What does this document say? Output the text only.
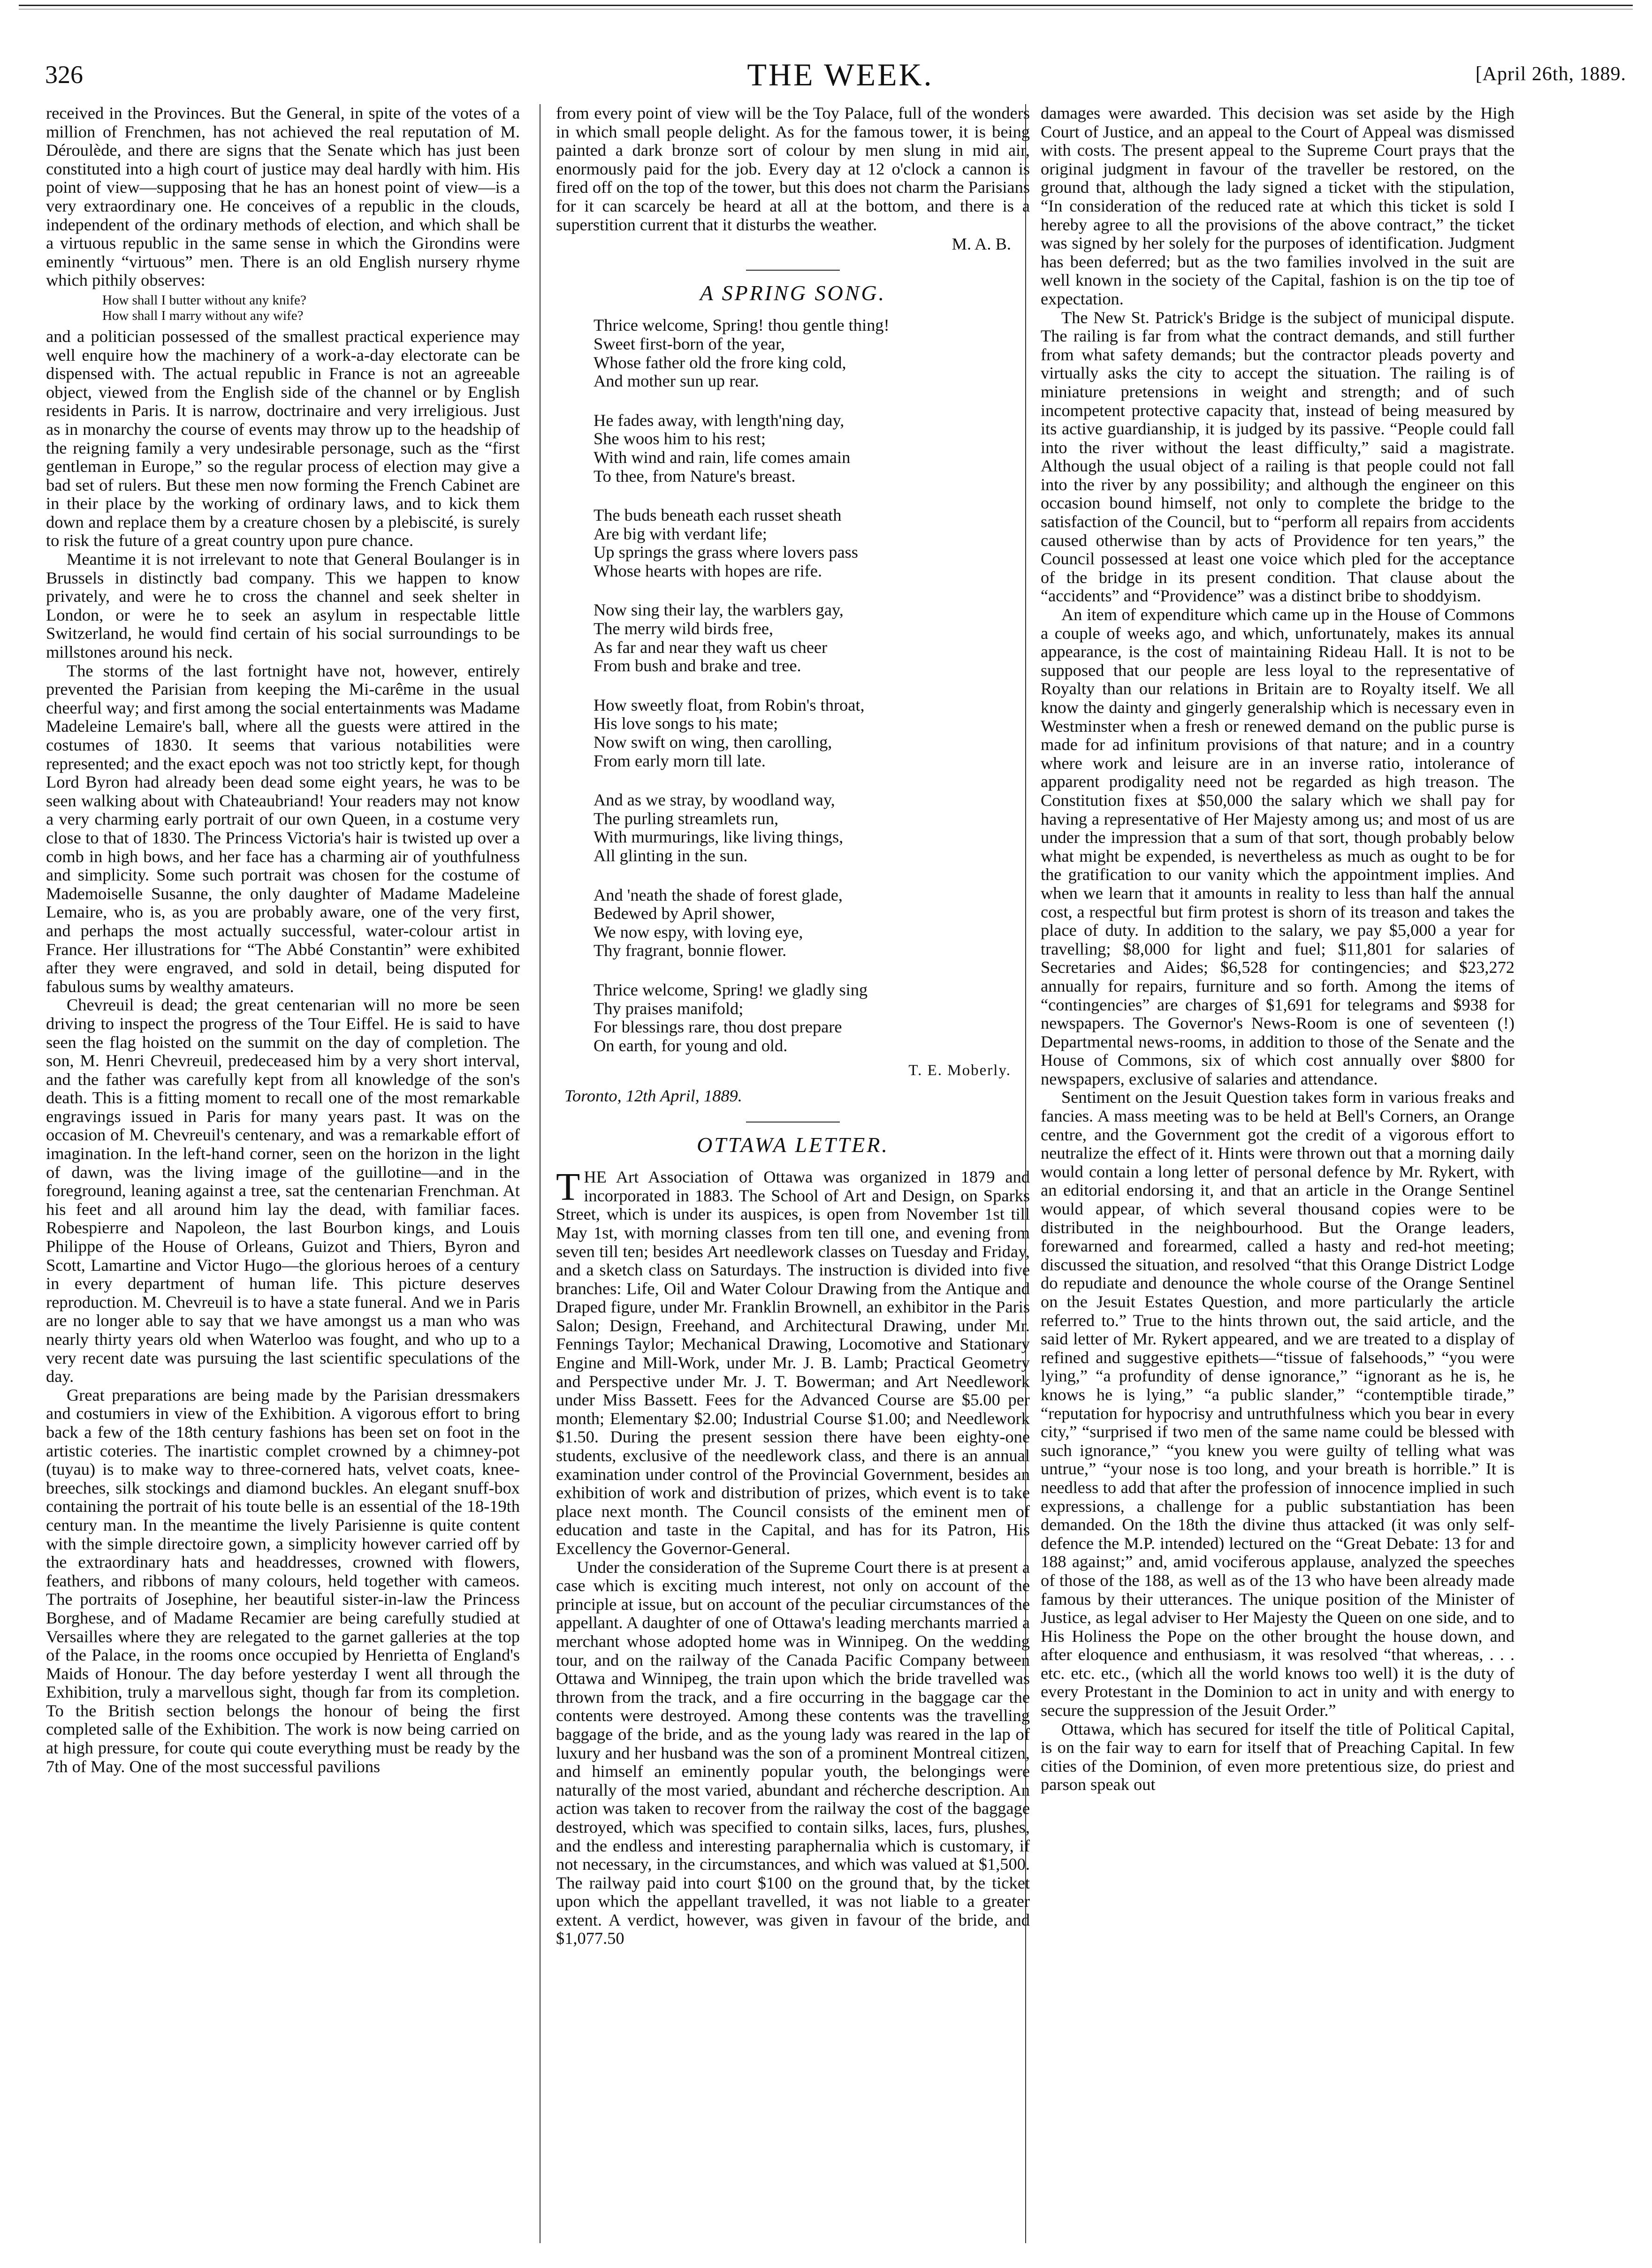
326	THE WEEK.	[April 26th, 1889.

received in the Provinces. But the General, in spite of the votes of a million of Frenchmen, has not achieved the real reputation of M. Déroulède, and there are signs that the Senate which has just been constituted into a high court of justice may deal hardly with him. His point of view—supposing that he has an honest point of view—is a very extraordinary one. He conceives of a republic in the clouds, independent of the ordinary methods of election, and which shall be a virtuous republic in the same sense in which the Girondins were eminently “virtuous” men. There is an old English nursery rhyme which pithily observes:

How shall I butter without any knife?
How shall I marry without any wife?

and a politician possessed of the smallest practical experience may well enquire how the machinery of a work-a-day electorate can be dispensed with. The actual republic in France is not an agreeable object, viewed from the English side of the channel or by English residents in Paris. It is narrow, doctrinaire and very irreligious. Just as in monarchy the course of events may throw up to the headship of the reigning family a very undesirable personage, such as the “first gentleman in Europe,” so the regular process of election may give a bad set of rulers. But these men now forming the French Cabinet are in their place by the working of ordinary laws, and to kick them down and replace them by a creature chosen by a plebiscité, is surely to risk the future of a great country upon pure chance.

Meantime it is not irrelevant to note that General Boulanger is in Brussels in distinctly bad company. This we happen to know privately, and were he to cross the channel and seek shelter in London, or were he to seek an asylum in respectable little Switzerland, he would find certain of his social surroundings to be millstones around his neck.

The storms of the last fortnight have not, however, entirely prevented the Parisian from keeping the Mi-carême in the usual cheerful way; and first among the social entertainments was Madame Madeleine Lemaire's ball, where all the guests were attired in the costumes of 1830. It seems that various notabilities were represented; and the exact epoch was not too strictly kept, for though Lord Byron had already been dead some eight years, he was to be seen walking about with Chateaubriand! Your readers may not know a very charming early portrait of our own Queen, in a costume very close to that of 1830. The Princess Victoria's hair is twisted up over a comb in high bows, and her face has a charming air of youthfulness and simplicity. Some such portrait was chosen for the costume of Mademoiselle Susanne, the only daughter of Madame Madeleine Lemaire, who is, as you are probably aware, one of the very first, and perhaps the most actually successful, water-colour artist in France. Her illustrations for “The Abbé Constantin” were exhibited after they were engraved, and sold in detail, being disputed for fabulous sums by wealthy amateurs.

Chevreuil is dead; the great centenarian will no more be seen driving to inspect the progress of the Tour Eiffel. He is said to have seen the flag hoisted on the summit on the day of completion. The son, M. Henri Chevreuil, predeceased him by a very short interval, and the father was carefully kept from all knowledge of the son's death. This is a fitting moment to recall one of the most remarkable engravings issued in Paris for many years past. It was on the occasion of M. Chevreuil's centenary, and was a remarkable effort of imagination. In the left-hand corner, seen on the horizon in the light of dawn, was the living image of the guillotine—and in the foreground, leaning against a tree, sat the centenarian Frenchman. At his feet and all around him lay the dead, with familiar faces. Robespierre and Napoleon, the last Bourbon kings, and Louis Philippe of the House of Orleans, Guizot and Thiers, Byron and Scott, Lamartine and Victor Hugo—the glorious heroes of a century in every department of human life. This picture deserves reproduction. M. Chevreuil is to have a state funeral. And we in Paris are no longer able to say that we have amongst us a man who was nearly thirty years old when Waterloo was fought, and who up to a very recent date was pursuing the last scientific speculations of the day.

Great preparations are being made by the Parisian dressmakers and costumiers in view of the Exhibition. A vigorous effort to bring back a few of the 18th century fashions has been set on foot in the artistic coteries. The inartistic complet crowned by a chimney-pot (tuyau) is to make way to three-cornered hats, velvet coats, knee-breeches, silk stockings and diamond buckles. An elegant snuff-box containing the portrait of his toute belle is an essential of the 18-19th century man. In the meantime the lively Parisienne is quite content with the simple directoire gown, a simplicity however carried off by the extraordinary hats and headdresses, crowned with flowers, feathers, and ribbons of many colours, held together with cameos. The portraits of Josephine, her beautiful sister-in-law the Princess Borghese, and of Madame Recamier are being carefully studied at Versailles where they are relegated to the garnet galleries at the top of the Palace, in the rooms once occupied by Henrietta of England's Maids of Honour. The day before yesterday I went all through the Exhibition, truly a marvellous sight, though far from its completion. To the British section belongs the honour of being the first completed salle of the Exhibition. The work is now being carried on at high pressure, for coute qui coute everything must be ready by the 7th of May. One of the most successful pavilions

from every point of view will be the Toy Palace, full of the wonders in which small people delight. As for the famous tower, it is being painted a dark bronze sort of colour by men slung in mid air, enormously paid for the job. Every day at 12 o'clock a cannon is fired off on the top of the tower, but this does not charm the Parisians for it can scarcely be heard at all at the bottom, and there is a superstition current that it disturbs the weather.

M. A. B.
A SPRING SONG.
Thrice welcome, Spring! thou gentle thing!
Sweet first-born of the year,
Whose father old the frore king cold,
And mother sun up rear.
He fades away, with length'ning day,
She woos him to his rest;
With wind and rain, life comes amain
To thee, from Nature's breast.
The buds beneath each russet sheath
Are big with verdant life;
Up springs the grass where lovers pass
Whose hearts with hopes are rife.
Now sing their lay, the warblers gay,
The merry wild birds free,
As far and near they waft us cheer
From bush and brake and tree.
How sweetly float, from Robin's throat,
His love songs to his mate;
Now swift on wing, then carolling,
From early morn till late.
And as we stray, by woodland way,
The purling streamlets run,
With murmurings, like living things,
All glinting in the sun.
And 'neath the shade of forest glade,
Bedewed by April shower,
We now espy, with loving eye,
Thy fragrant, bonnie flower.
Thrice welcome, Spring! we gladly sing
Thy praises manifold;
For blessings rare, thou dost prepare
On earth, for young and old.
T. E. Moberly.
Toronto, 12th April, 1889.
OTTAWA LETTER.

THE Art Association of Ottawa was organized in 1879 and incorporated in 1883. The School of Art and Design, on Sparks Street, which is under its auspices, is open from November 1st till May 1st, with morning classes from ten till one, and evening from seven till ten; besides Art needlework classes on Tuesday and Friday, and a sketch class on Saturdays. The instruction is divided into five branches: Life, Oil and Water Colour Drawing from the Antique and Draped figure, under Mr. Franklin Brownell, an exhibitor in the Paris Salon; Design, Freehand, and Architectural Drawing, under Mr. Fennings Taylor; Mechanical Drawing, Locomotive and Stationary Engine and Mill-Work, under Mr. J. B. Lamb; Practical Geometry and Perspective under Mr. J. T. Bowerman; and Art Needlework under Miss Bassett. Fees for the Advanced Course are $5.00 per month; Elementary $2.00; Industrial Course $1.00; and Needlework $1.50. During the present session there have been eighty-one students, exclusive of the needlework class, and there is an annual examination under control of the Provincial Government, besides an exhibition of work and distribution of prizes, which event is to take place next month. The Council consists of the eminent men of education and taste in the Capital, and has for its Patron, His Excellency the Governor-General.

Under the consideration of the Supreme Court there is at present a case which is exciting much interest, not only on account of the principle at issue, but on account of the peculiar circumstances of the appellant. A daughter of one of Ottawa's leading merchants married a merchant whose adopted home was in Winnipeg. On the wedding tour, and on the railway of the Canada Pacific Company between Ottawa and Winnipeg, the train upon which the bride travelled was thrown from the track, and a fire occurring in the baggage car the contents were destroyed. Among these contents was the travelling baggage of the bride, and as the young lady was reared in the lap of luxury and her husband was the son of a prominent Montreal citizen, and himself an eminently popular youth, the belongings were naturally of the most varied, abundant and récherche description. An action was taken to recover from the railway the cost of the baggage destroyed, which was specified to contain silks, laces, furs, plushes, and the endless and interesting paraphernalia which is customary, if not necessary, in the circumstances, and which was valued at $1,500. The railway paid into court $100 on the ground that, by the ticket upon which the appellant travelled, it was not liable to a greater extent. A verdict, however, was given in favour of the bride, and $1,077.50

damages were awarded. This decision was set aside by the High Court of Justice, and an appeal to the Court of Appeal was dismissed with costs. The present appeal to the Supreme Court prays that the original judgment in favour of the traveller be restored, on the ground that, although the lady signed a ticket with the stipulation, “In consideration of the reduced rate at which this ticket is sold I hereby agree to all the provisions of the above contract,” the ticket was signed by her solely for the purposes of identification. Judgment has been deferred; but as the two families involved in the suit are well known in the society of the Capital, fashion is on the tip toe of expectation.

The New St. Patrick's Bridge is the subject of municipal dispute. The railing is far from what the contract demands, and still further from what safety demands; but the contractor pleads poverty and virtually asks the city to accept the situation. The railing is of miniature pretensions in weight and strength; and of such incompetent protective capacity that, instead of being measured by its active guardianship, it is judged by its passive. “People could fall into the river without the least difficulty,” said a magistrate. Although the usual object of a railing is that people could not fall into the river by any possibility; and although the engineer on this occasion bound himself, not only to complete the bridge to the satisfaction of the Council, but to “perform all repairs from accidents caused otherwise than by acts of Providence for ten years,” the Council possessed at least one voice which pled for the acceptance of the bridge in its present condition. That clause about the “accidents” and “Providence” was a distinct bribe to shoddyism.

An item of expenditure which came up in the House of Commons a couple of weeks ago, and which, unfortunately, makes its annual appearance, is the cost of maintaining Rideau Hall. It is not to be supposed that our people are less loyal to the representative of Royalty than our relations in Britain are to Royalty itself. We all know the dainty and gingerly generalship which is necessary even in Westminster when a fresh or renewed demand on the public purse is made for ad infinitum provisions of that nature; and in a country where work and leisure are in an inverse ratio, intolerance of apparent prodigality need not be regarded as high treason. The Constitution fixes at $50,000 the salary which we shall pay for having a representative of Her Majesty among us; and most of us are under the impression that a sum of that sort, though probably below what might be expended, is nevertheless as much as ought to be for the gratification to our vanity which the appointment implies. And when we learn that it amounts in reality to less than half the annual cost, a respectful but firm protest is shorn of its treason and takes the place of duty. In addition to the salary, we pay $5,000 a year for travelling; $8,000 for light and fuel; $11,801 for salaries of Secretaries and Aides; $6,528 for contingencies; and $23,272 annually for repairs, furniture and so forth. Among the items of “contingencies” are charges of $1,691 for telegrams and $938 for newspapers. The Governor's News-Room is one of seventeen (!) Departmental news-rooms, in addition to those of the Senate and the House of Commons, six of which cost annually over $800 for newspapers, exclusive of salaries and attendance.

Sentiment on the Jesuit Question takes form in various freaks and fancies. A mass meeting was to be held at Bell's Corners, an Orange centre, and the Government got the credit of a vigorous effort to neutralize the effect of it. Hints were thrown out that a morning daily would contain a long letter of personal defence by Mr. Rykert, with an editorial endorsing it, and that an article in the Orange Sentinel would appear, of which several thousand copies were to be distributed in the neighbourhood. But the Orange leaders, forewarned and forearmed, called a hasty and red-hot meeting; discussed the situation, and resolved “that this Orange District Lodge do repudiate and denounce the whole course of the Orange Sentinel on the Jesuit Estates Question, and more particularly the article referred to.” True to the hints thrown out, the said article, and the said letter of Mr. Rykert appeared, and we are treated to a display of refined and suggestive epithets—“tissue of falsehoods,” “you were lying,” “a profundity of dense ignorance,” “ignorant as he is, he knows he is lying,” “a public slander,” “contemptible tirade,” “reputation for hypocrisy and untruthfulness which you bear in every city,” “surprised if two men of the same name could be blessed with such ignorance,” “you knew you were guilty of telling what was untrue,” “your nose is too long, and your breath is horrible.” It is needless to add that after the profession of innocence implied in such expressions, a challenge for a public substantiation has been demanded. On the 18th the divine thus attacked (it was only self-defence the M.P. intended) lectured on the “Great Debate: 13 for and 188 against;” and, amid vociferous applause, analyzed the speeches of those of the 188, as well as of the 13 who have been already made famous by their utterances. The unique position of the Minister of Justice, as legal adviser to Her Majesty the Queen on one side, and to His Holiness the Pope on the other brought the house down, and after eloquence and enthusiasm, it was resolved “that whereas, . . . etc. etc. etc., (which all the world knows too well) it is the duty of every Protestant in the Dominion to act in unity and with energy to secure the suppression of the Jesuit Order.”

Ottawa, which has secured for itself the title of Political Capital, is on the fair way to earn for itself that of Preaching Capital. In few cities of the Dominion, of even more pretentious size, do priest and parson speak out
